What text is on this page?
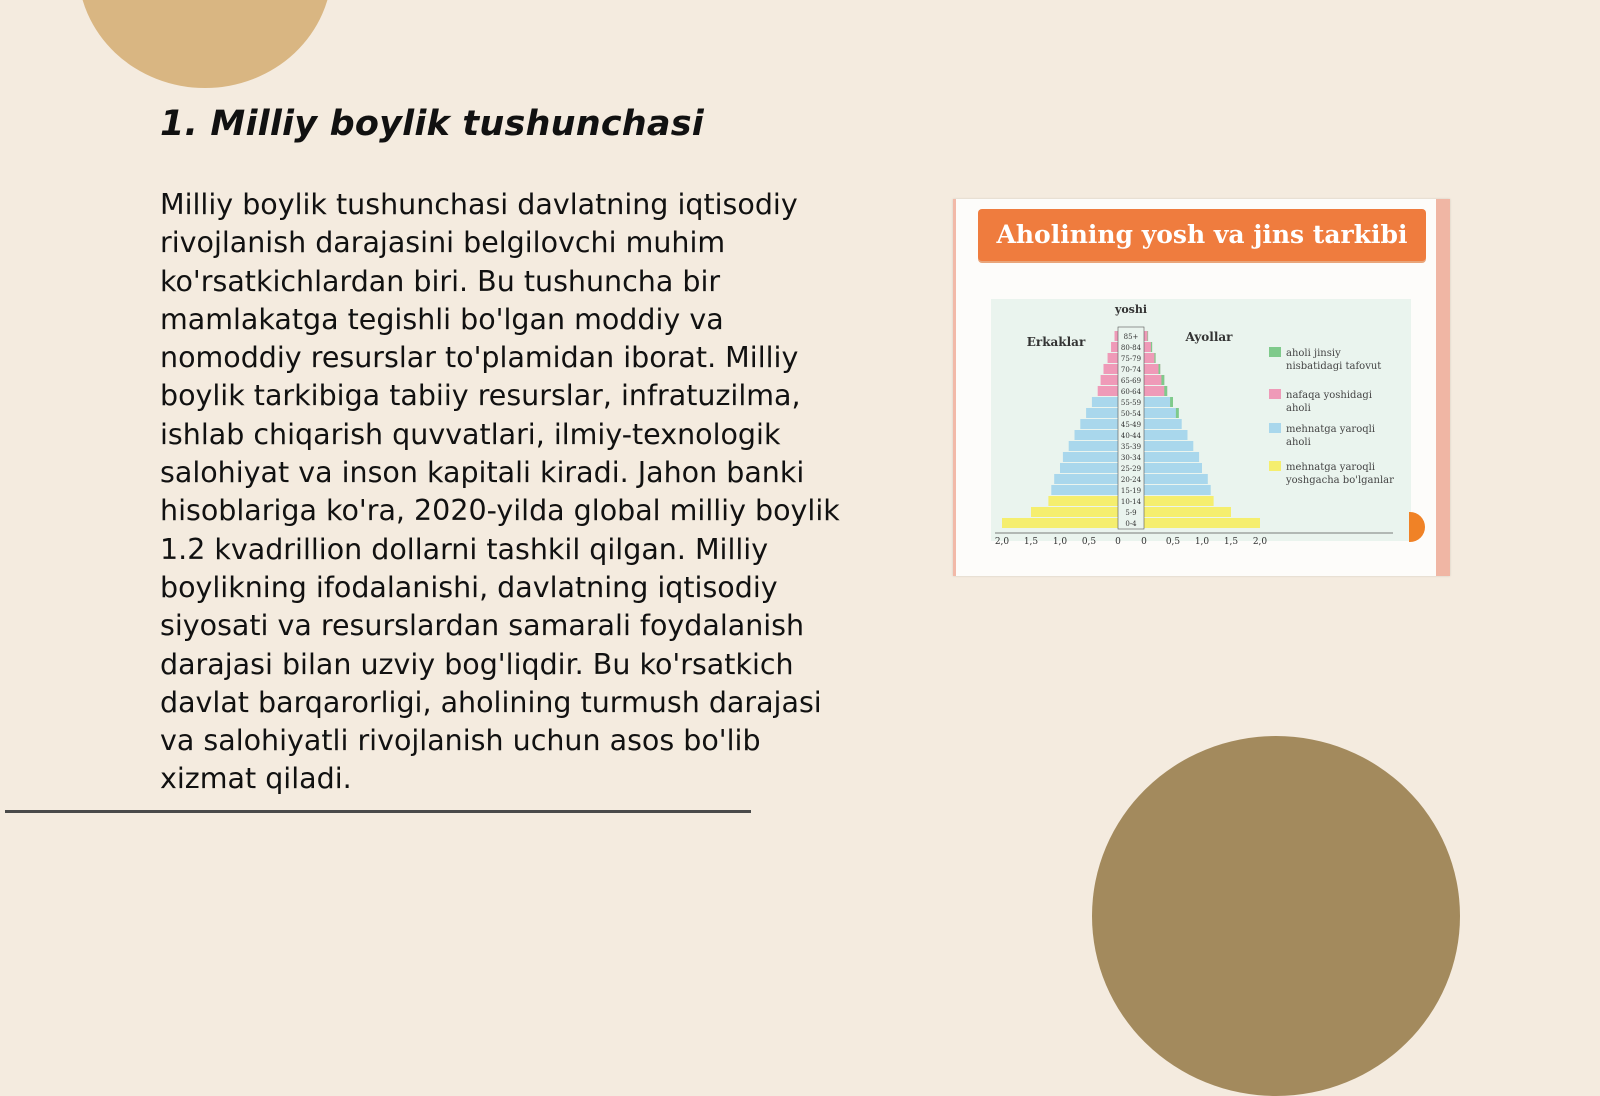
1. Milliy boylik tushunchasi

Milliy boylik tushunchasi davlatning iqtisodiy rivojlanish darajasini belgilovchi muhim ko'rsatkichlardan biri. Bu tushuncha bir mamlakatga tegishli bo'lgan moddiy va nomoddiy resurslar to'plamidan iborat. Milliy boylik tarkibiga tabiiy resurslar, infratuzilma, ishlab chiqarish quvvatlari, ilmiy-texnologik salohiyat va inson kapitali kiradi. Jahon banki hisoblariga ko'ra, 2020-yilda global milliy boylik 1.2 kvadrillion dollarni tashkil qilgan. Milliy boylikning ifodalanishi, davlatning iqtisodiy siyosati va resurslardan samarali foydalanish darajasi bilan uzviy bog'liqdir. Bu ko'rsatkich davlat barqarorligi, aholining turmush darajasi va salohiyatli rivojlanish uchun asos bo'lib xizmat qiladi.

Aholining yosh va jins tarkibi
0-4
5-9
10-14
15-19
20-24
25-29
30-34
35-39
40-44
45-49
50-54
55-59
60-64
65-69
70-74
75-79
80-84
85+
2,0 1,5 1,0 0,5 0 0 0,5 1,0 1,5 2,0
aholi jinsiy nisbatidagi tafovut
nafaqa yoshidagi aholi
mehnatga yaroqli aholi
mehnatga yaroqli yoshgacha bo'lganlar
yoshi
Erkaklar	Ayollar
